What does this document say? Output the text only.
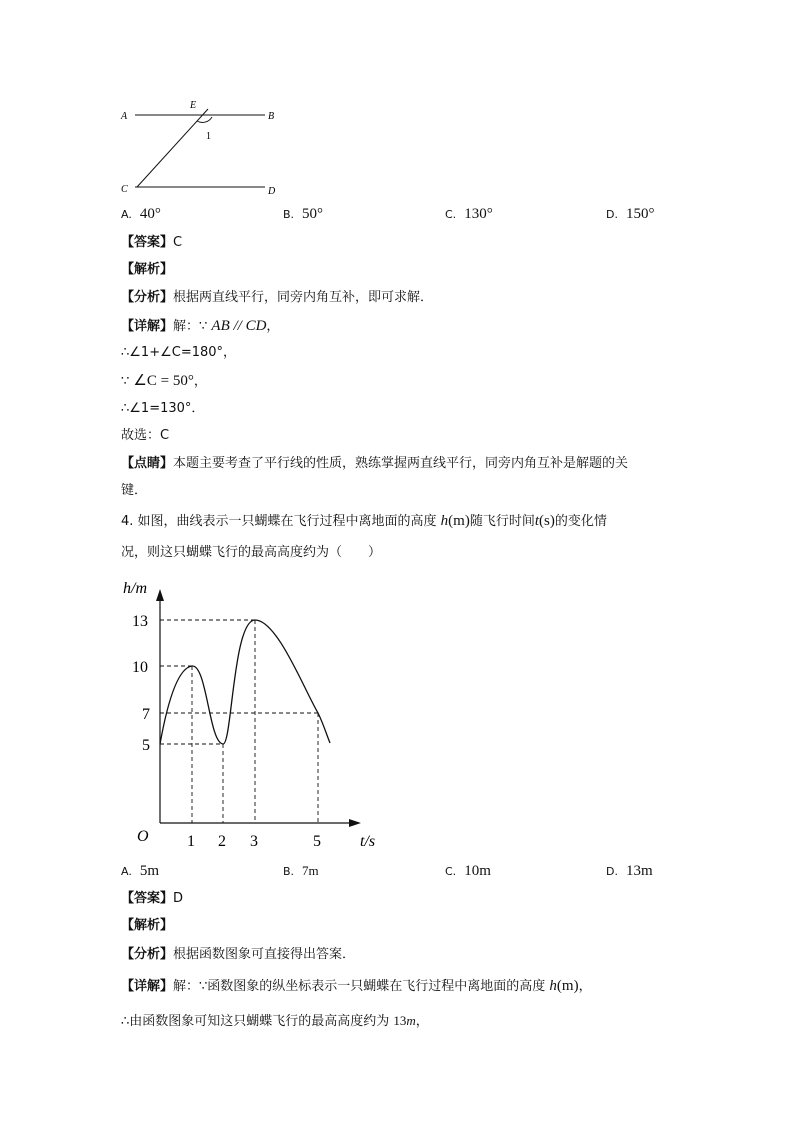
A
E
B
C	D
1
A. 40°	B. 50°	C. 130°	D. 150°
【答案】C
【解析】
【分析】根据两直线平行，同旁内角互补，即可求解．
【详解】解：∵ AB // CD，
∴∠1+∠C=180°，
∵ ∠C = 50°，
∴∠1=130°．
故选：C
【点睛】本题主要考查了平行线的性质，熟练掌握两直线平行，同旁内角互补是解题的关
键．
4. 如图，曲线表示一只蝴蝶在飞行过程中离地面的高度 h(m)随飞行时间t(s)的变化情
况，则这只蝴蝶飞行的最高高度约为（　　）
h/m
13
10
7
5
O 1 2 3	5 t/s
A. 5m	B. 7m	C. 10m	D. 13m
【答案】D
【解析】
【分析】根据函数图象可直接得出答案．
【详解】解：∵函数图象的纵坐标表示一只蝴蝶在飞行过程中离地面的高度 h(m)，
∴由函数图象可知这只蝴蝶飞行的最高高度约为 13m，
